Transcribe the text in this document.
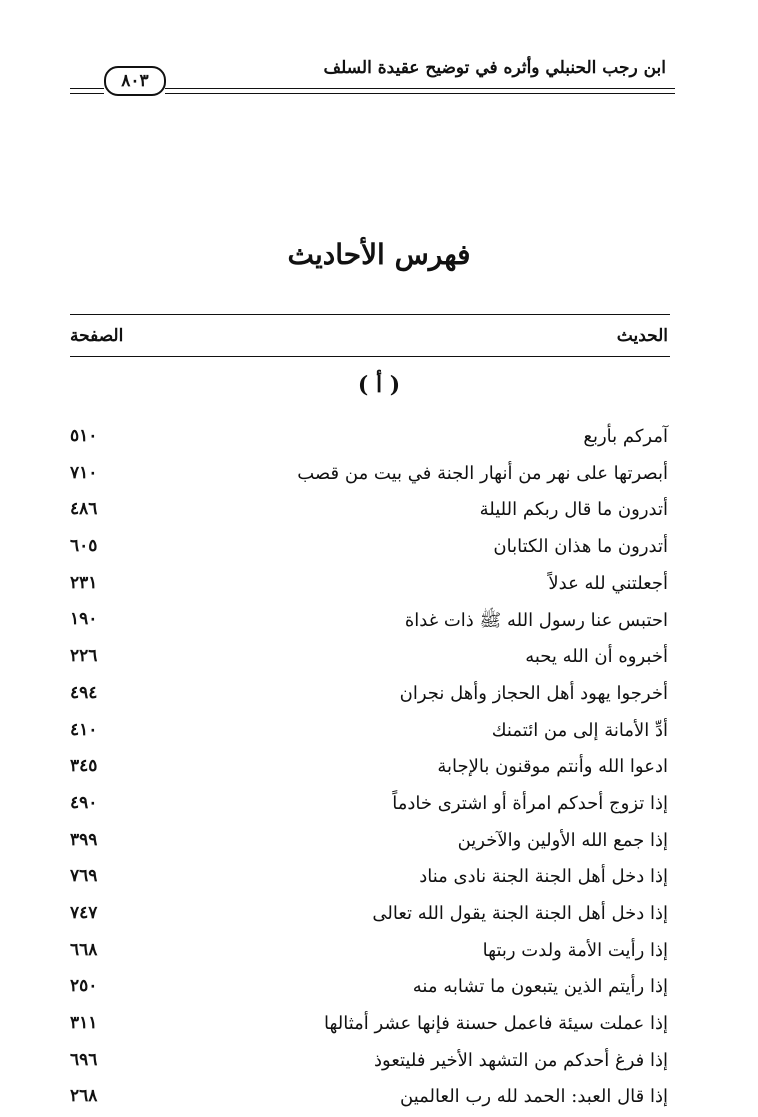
ابن رجب الحنبلي وأثره في توضيح عقيدة السلف
٨٠٣
فهرس الأحاديث
الحديث
الصفحة
( أ )
آمركم بأربع
٥١٠
أبصرتها على نهر من أنهار الجنة في بيت من قصب
٧١٠
أتدرون ما قال ربكم الليلة
٤٨٦
أتدرون ما هذان الكتابان
٦٠٥
أجعلتني لله عدلاً
٢٣١
احتبس عنا رسول الله ﷺ ذات غداة
١٩٠
أخبروه أن الله يحبه
٢٢٦
أخرجوا يهود أهل الحجاز وأهل نجران
٤٩٤
أدِّ الأمانة إلى من ائتمنك
٤١٠
ادعوا الله وأنتم موقنون بالإجابة
٣٤٥
إذا تزوج أحدكم امرأة أو اشترى خادماً
٤٩٠
إذا جمع الله الأولين والآخرين
٣٩٩
إذا دخل أهل الجنة الجنة نادى مناد
٧٦٩
إذا دخل أهل الجنة الجنة يقول الله تعالى
٧٤٧
إذا رأيت الأمة ولدت ربتها
٦٦٨
إذا رأيتم الذين يتبعون ما تشابه منه
٢٥٠
إذا عملت سيئة فاعمل حسنة فإنها عشر أمثالها
٣١١
إذا فرغ أحدكم من التشهد الأخير فليتعوذ
٦٩٦
إذا قال العبد: الحمد لله رب العالمين
٢٦٨
